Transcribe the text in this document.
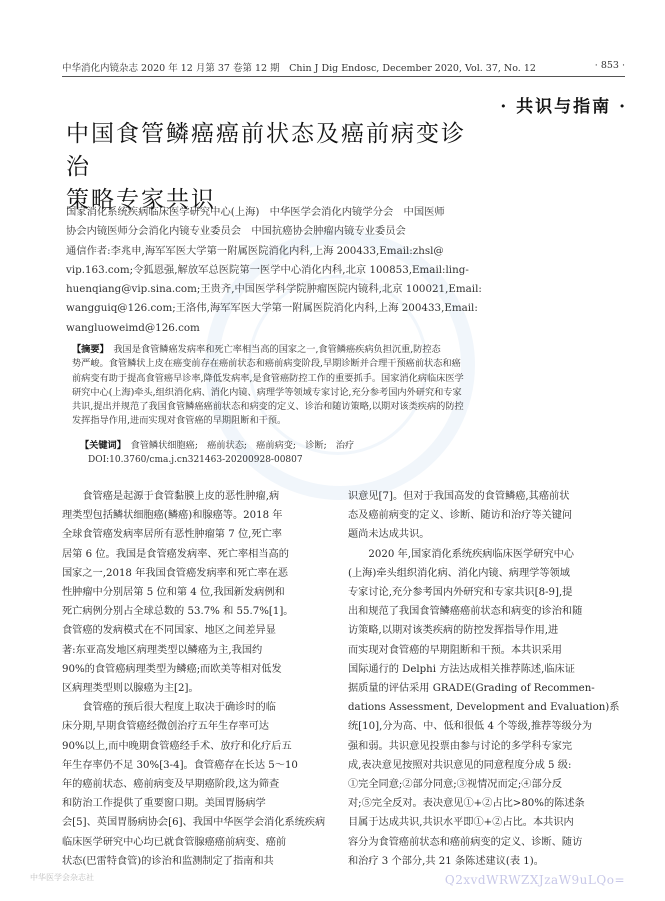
中华消化内镜杂志 2020 年 12 月第 37 卷第 12 期　Chin J Dig Endosc, December 2020, Vol. 37, No. 12	· 853 ·
· 共识与指南 ·
中国食管鳞癌癌前状态及癌前病变诊治
策略专家共识
国家消化系统疾病临床医学研究中心(上海)　中华医学会消化内镜学分会　中国医师
协会内镜医师分会消化内镜专业委员会　中国抗癌协会肿瘤内镜专业委员会
通信作者:李兆申,海军军医大学第一附属医院消化内科,上海 200433,Email:zhsl@
vip.163.com;令狐恩强,解放军总医院第一医学中心消化内科,北京 100853,Email:ling-
huenqiang@vip.sina.com;王贵齐,中国医学科学院肿瘤医院内镜科,北京 100021,Email:
wangguiq@126.com;王洛伟,海军军医大学第一附属医院消化内科,上海 200433,Email:
wangluoweimd@126.com
【摘要】　 我国是食管鳞癌发病率和死亡率相当高的国家之一,食管鳞癌疾病负担沉重,防控态
势严峻。食管鳞状上皮在癌变前存在癌前状态和癌前病变阶段,早期诊断并合理干预癌前状态和癌
前病变有助于提高食管癌早诊率,降低发病率,是食管癌防控工作的重要抓手。国家消化病临床医学
研究中心(上海)牵头,组织消化病、消化内镜、病理学等领域专家讨论,充分参考国内外研究和专家
共识,提出并规范了我国食管鳞癌癌前状态和病变的定义、诊治和随访策略,以期对该类疾病的防控
发挥指导作用,进而实现对食管癌的早期阻断和干预。
【关键词】　 食管鳞状细胞癌;　癌前状态;　癌前病变;　诊断;　治疗
DOI:10.3760/cma.j.cn321463-20200928-00807
　　食管癌是起源于食管黏膜上皮的恶性肿瘤,病
理类型包括鳞状细胞癌(鳞癌)和腺癌等。2018 年
全球食管癌发病率居所有恶性肿瘤第 7 位,死亡率
居第 6 位。我国是食管癌发病率、死亡率相当高的
国家之一,2018 年我国食管癌发病率和死亡率在恶
性肿瘤中分别居第 5 位和第 4 位,我国新发病例和
死亡病例分别占全球总数的 53.7% 和 55.7%[1]。
食管癌的发病模式在不同国家、地区之间差异显
著:东亚高发地区病理类型以鳞癌为主,我国约
90%的食管癌病理类型为鳞癌;而欧美等相对低发
区病理类型则以腺癌为主[2]。
　　食管癌的预后很大程度上取决于确诊时的临
床分期,早期食管癌经微创治疗五年生存率可达
90%以上,而中晚期食管癌经手术、放疗和化疗后五
年生存率仍不足 30%[3-4]。食管癌存在长达 5～10
年的癌前状态、癌前病变及早期癌阶段,这为筛查
和防治工作提供了重要窗口期。美国胃肠病学
会[5]、英国胃肠病协会[6]、我国中华医学会消化系统疾病
临床医学研究中心均已就食管腺癌癌前病变、癌前
状态(巴雷特食管)的诊治和监测制定了指南和共
识意见[7]。但对于我国高发的食管鳞癌,其癌前状
态及癌前病变的定义、诊断、随访和治疗等关键问
题尚未达成共识。
　　2020 年,国家消化系统疾病临床医学研究中心
(上海)牵头组织消化病、消化内镜、病理学等领域
专家讨论,充分参考国内外研究和专家共识[8-9],提
出和规范了我国食管鳞癌癌前状态和病变的诊治和随
访策略,以期对该类疾病的防控发挥指导作用,进
而实现对食管癌的早期阻断和干预。本共识采用
国际通行的 Delphi 方法达成相关推荐陈述,临床证
据质量的评估采用 GRADE(Grading of Recommen-
dations Assessment, Development and Evaluation)系
统[10],分为高、中、低和很低 4 个等级,推荐等级分为
强和弱。共识意见投票由参与讨论的多学科专家完
成,表决意见按照对共识意见的同意程度分成 5 级:
①完全同意;②部分同意;③视情况而定;④部分反
对;⑤完全反对。表决意见①+②占比>80%的陈述条
目属于达成共识,共识水平即①+②占比。本共识内
容分为食管癌前状态和癌前病变的定义、诊断、随访
和治疗 3 个部分,共 21 条陈述建议(表 1)。
中华医学会杂志社	Q2xvdWRWZXJzaW9uLQo=
